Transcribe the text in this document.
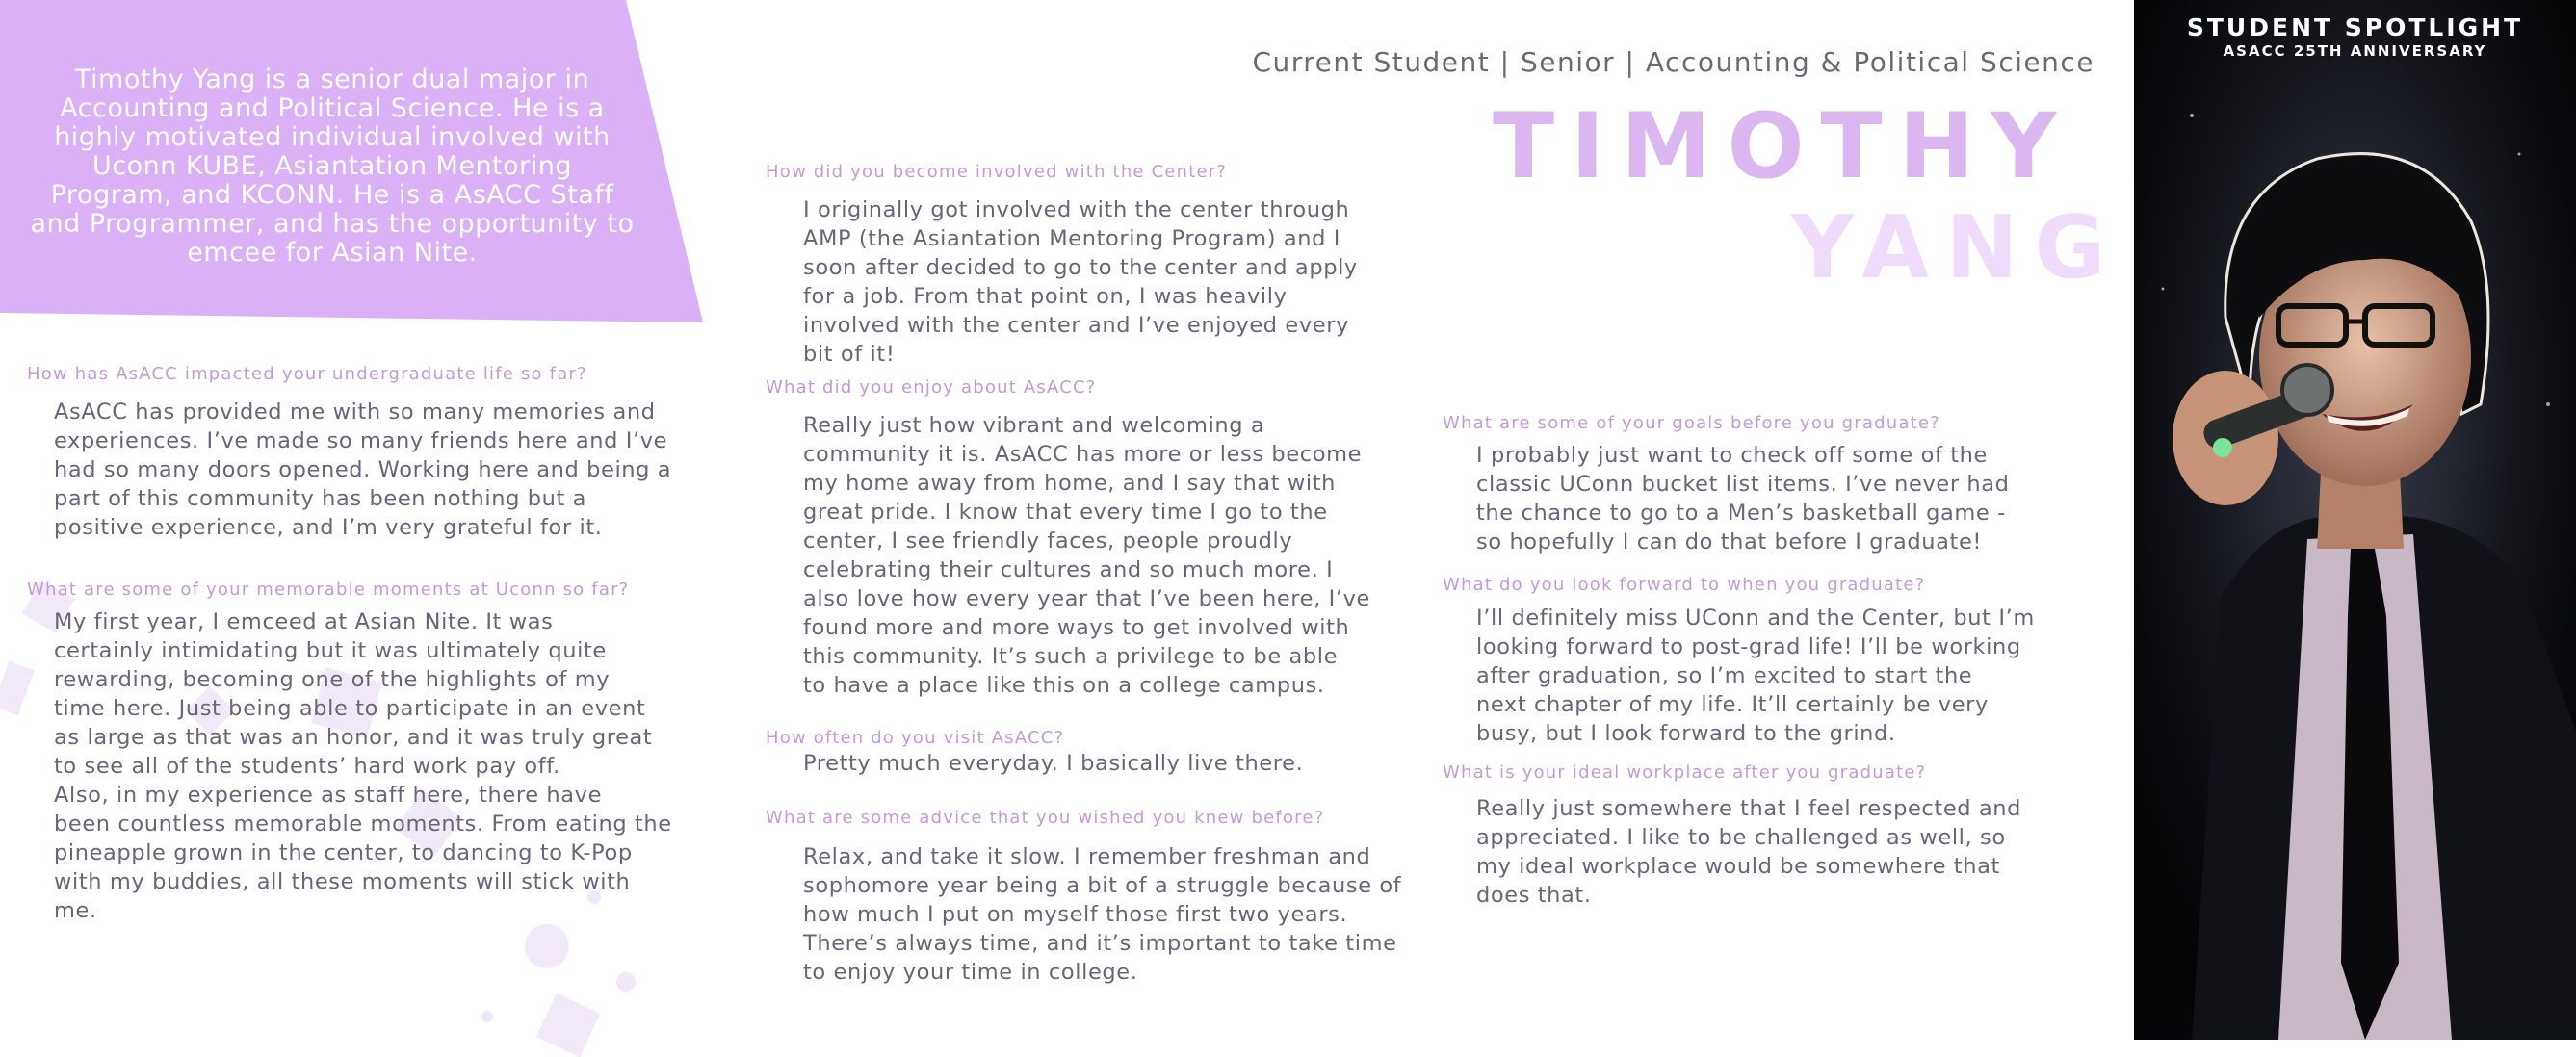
Timothy Yang is a senior dual major in Accounting and Political Science. He is a highly motivated individual involved with Uconn KUBE, Asiantation Mentoring Program, and KCONN. He is a AsACC Staff and Programmer, and has the opportunity to emcee for Asian Nite.
Current Student | Senior | Accounting & Political Science
TIMOTHY
YANG
How has AsACC impacted your undergraduate life so far?
AsACC has provided me with so many memories and
experiences. I’ve made so many friends here and I’ve
had so many doors opened. Working here and being a
part of this community has been nothing but a
positive experience, and I’m very grateful for it.
What are some of your memorable moments at Uconn so far?
My first year, I emceed at Asian Nite. It was
certainly intimidating but it was ultimately quite
rewarding, becoming one of the highlights of my
time here. Just being able to participate in an event
as large as that was an honor, and it was truly great
to see all of the students’ hard work pay off.
Also, in my experience as staff here, there have
been countless memorable moments. From eating the
pineapple grown in the center, to dancing to K-Pop
with my buddies, all these moments will stick with
me.
How did you become involved with the Center?
I originally got involved with the center through
AMP (the Asiantation Mentoring Program) and I
soon after decided to go to the center and apply
for a job. From that point on, I was heavily
involved with the center and I’ve enjoyed every
bit of it!
What did you enjoy about AsACC?
Really just how vibrant and welcoming a
community it is. AsACC has more or less become
my home away from home, and I say that with
great pride. I know that every time I go to the
center, I see friendly faces, people proudly
celebrating their cultures and so much more. I
also love how every year that I’ve been here, I’ve
found more and more ways to get involved with
this community. It’s such a privilege to be able
to have a place like this on a college campus.
How often do you visit AsACC?
Pretty much everyday. I basically live there.
What are some advice that you wished you knew before?
Relax, and take it slow. I remember freshman and
sophomore year being a bit of a struggle because of
how much I put on myself those first two years.
There’s always time, and it’s important to take time
to enjoy your time in college.
What are some of your goals before you graduate?
I probably just want to check off some of the
classic UConn bucket list items. I’ve never had
the chance to go to a Men’s basketball game -
so hopefully I can do that before I graduate!
What do you look forward to when you graduate?
I’ll definitely miss UConn and the Center, but I’m
looking forward to post-grad life! I’ll be working
after graduation, so I’m excited to start the
next chapter of my life. It’ll certainly be very
busy, but I look forward to the grind.
What is your ideal workplace after you graduate?
Really just somewhere that I feel respected and
appreciated. I like to be challenged as well, so
my ideal workplace would be somewhere that
does that.
STUDENT SPOTLIGHT
ASACC 25TH ANNIVERSARY
